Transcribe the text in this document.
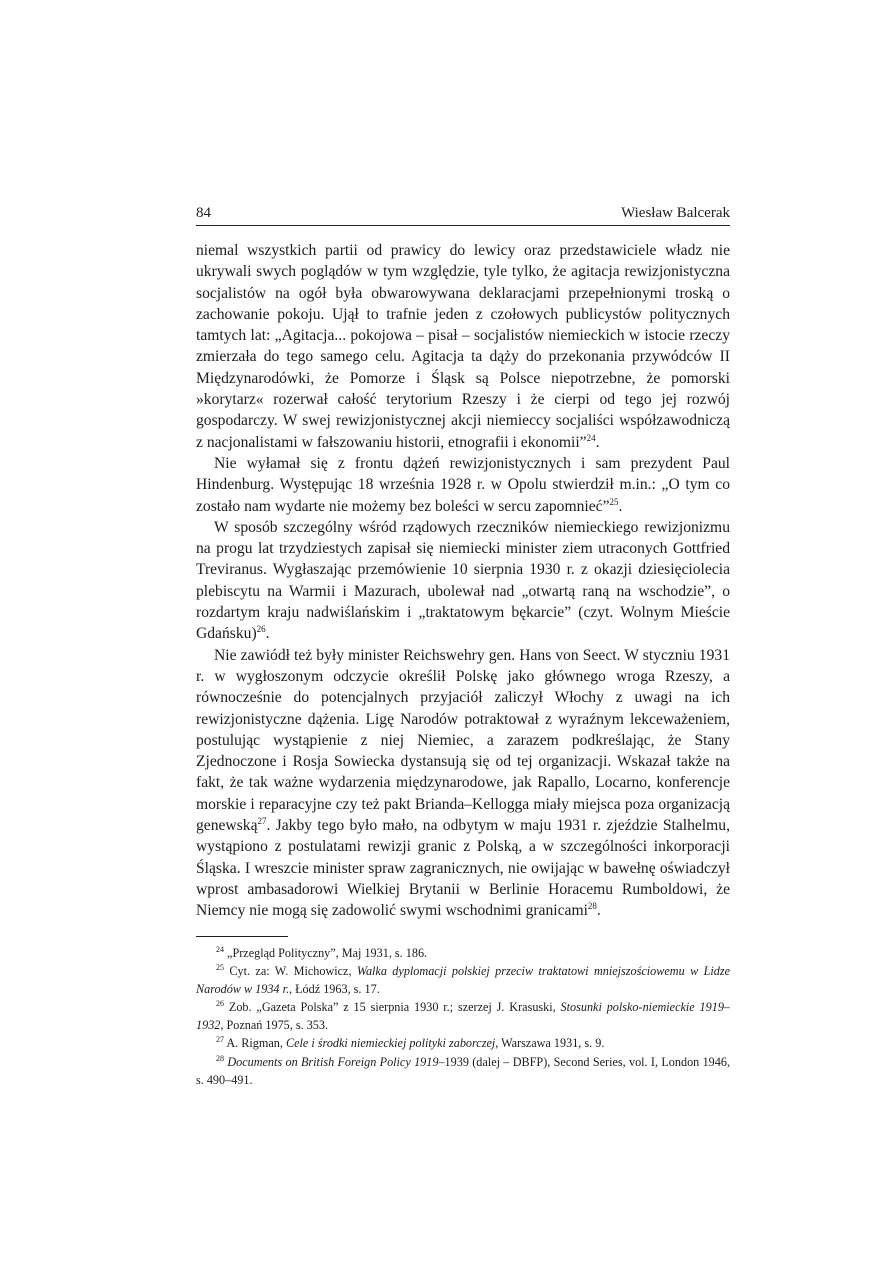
84	Wiesław Balcerak

niemal wszystkich partii od prawicy do lewicy oraz przedstawiciele władz nie ukrywali swych poglądów w tym względzie, tyle tylko, że agitacja rewizjonistyczna socjalistów na ogół była obwarowywana deklaracjami przepełnionymi troską o zachowanie pokoju. Ujął to trafnie jeden z czołowych publicystów politycznych tamtych lat: „Agitacja... pokojowa – pisał – socjalistów niemieckich w istocie rzeczy zmierzała do tego samego celu. Agitacja ta dąży do przekonania przywódców II Międzynarodówki, że Pomorze i Śląsk są Polsce niepotrzebne, że pomorski »korytarz« rozerwał całość terytorium Rzeszy i że cierpi od tego jej rozwój gospodarczy. W swej rewizjonistycznej akcji niemieccy socjaliści współzawodniczą z nacjonalistami w fałszowaniu historii, etnografii i ekonomii”$^{24}$.

Nie wyłamał się z frontu dążeń rewizjonistycznych i sam prezydent Paul Hindenburg. Występując 18 września 1928 r. w Opolu stwierdził m.in.: „O tym co zostało nam wydarte nie możemy bez boleści w sercu zapomnieć”$^{25}$.

W sposób szczególny wśród rządowych rzeczników niemieckiego rewizjonizmu na progu lat trzydziestych zapisał się niemiecki minister ziem utraconych Gottfried Treviranus. Wygłaszając przemówienie 10 sierpnia 1930 r. z okazji dziesięciolecia plebiscytu na Warmii i Mazurach, ubolewał nad „otwartą raną na wschodzie”, o rozdartym kraju nadwiślańskim i „traktatowym bękarcie” (czyt. Wolnym Mieście Gdańsku)$^{26}$.

Nie zawiódł też były minister Reichswehry gen. Hans von Seect. W styczniu 1931 r. w wygłoszonym odczycie określił Polskę jako głównego wroga Rzeszy, a równocześnie do potencjalnych przyjaciół zaliczył Włochy z uwagi na ich rewizjonistyczne dążenia. Ligę Narodów potraktował z wyraźnym lekceważeniem, postulując wystąpienie z niej Niemiec, a zarazem podkreślając, że Stany Zjednoczone i Rosja Sowiecka dystansują się od tej organizacji. Wskazał także na fakt, że tak ważne wydarzenia międzynarodowe, jak Rapallo, Locarno, konferencje morskie i reparacyjne czy też pakt Brianda–Kellogga miały miejsca poza organizacją genewską$^{27}$. Jakby tego było mało, na odbytym w maju 1931 r. zjeździe Stalhelmu, wystąpiono z postulatami rewizji granic z Polską, a w szczególności inkorporacji Śląska. I wreszcie minister spraw zagranicznych, nie owijając w bawełnę oświadczył wprost ambasadorowi Wielkiej Brytanii w Berlinie Horacemu Rumboldowi, że Niemcy nie mogą się zadowolić swymi wschodnimi granicami$^{28}$.

$^{24}$ „Przegląd Polityczny”, Maj 1931, s. 186.

$^{25}$ Cyt. za: W. Michowicz, Walka dyplomacji polskiej przeciw traktatowi mniejszościowemu w Lidze Narodów w 1934 r., Łódź 1963, s. 17.

$^{26}$ Zob. „Gazeta Polska” z 15 sierpnia 1930 r.; szerzej J. Krasuski, Stosunki polsko-niemieckie 1919–1932, Poznań 1975, s. 353.

$^{27}$ A. Rigman, Cele i środki niemieckiej polityki zaborczej, Warszawa 1931, s. 9.

$^{28}$ Documents on British Foreign Policy 1919–1939 (dalej – DBFP), Second Series, vol. I, London 1946, s. 490–491.
